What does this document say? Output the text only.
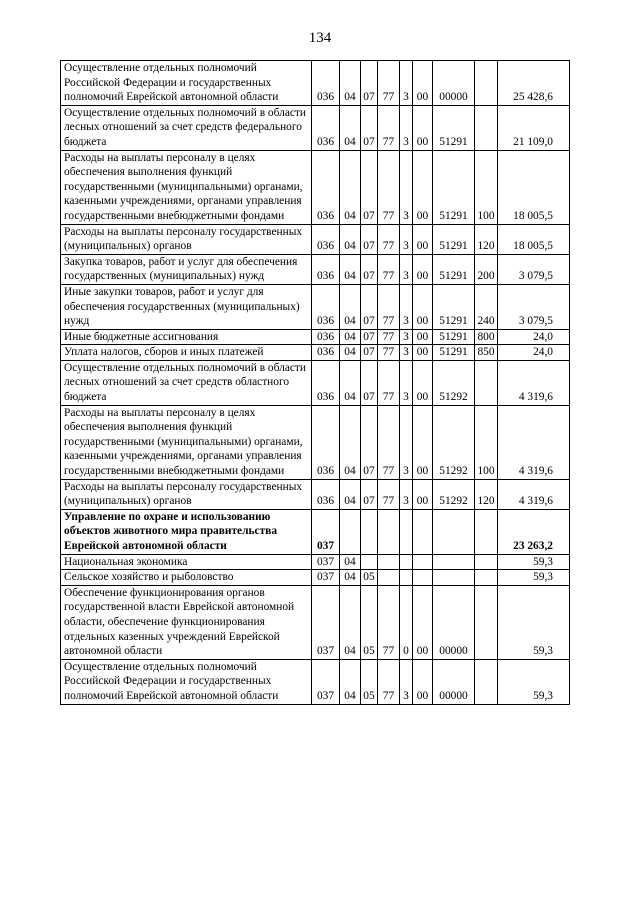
134
Осуществление отдельных полномочий Российской Федерации и государственных полномочий Еврейской автономной области	036	04	07	77	3	00	00000		25 428,6
Осуществление отдельных полномочий в области лесных отношений за счет средств федерального бюджета	036	04	07	77	3	00	51291		21 109,0
Расходы на выплаты персоналу в целях обеспечения выполнения функций государственными (муниципальными) органами, казенными учреждениями, органами управления государственными внебюджетными фондами	036	04	07	77	3	00	51291	100	18 005,5
Расходы на выплаты персоналу государственных (муниципальных) органов	036	04	07	77	3	00	51291	120	18 005,5
Закупка товаров, работ и услуг для обеспечения государственных (муниципальных) нужд	036	04	07	77	3	00	51291	200	3 079,5
Иные закупки товаров, работ и услуг для обеспечения государственных (муниципальных) нужд	036	04	07	77	3	00	51291	240	3 079,5
Иные бюджетные ассигнования	036	04	07	77	3	00	51291	800	24,0
Уплата налогов, сборов и иных платежей	036	04	07	77	3	00	51291	850	24,0
Осуществление отдельных полномочий в области лесных отношений за счет средств областного бюджета	036	04	07	77	3	00	51292		4 319,6
Расходы на выплаты персоналу в целях обеспечения выполнения функций государственными (муниципальными) органами, казенными учреждениями, органами управления государственными внебюджетными фондами	036	04	07	77	3	00	51292	100	4 319,6
Расходы на выплаты персоналу государственных (муниципальных) органов	036	04	07	77	3	00	51292	120	4 319,6
Управление по охране и использованию объектов животного мира правительства Еврейской автономной области	037								23 263,2
Национальная экономика	037	04							59,3
Сельское хозяйство и рыболовство	037	04	05						59,3
Обеспечение функционирования органов государственной власти Еврейской автономной области, обеспечение функционирования отдельных казенных учреждений Еврейской автономной области	037	04	05	77	0	00	00000		59,3
Осуществление отдельных полномочий Российской Федерации и государственных полномочий Еврейской автономной области	037	04	05	77	3	00	00000		59,3
